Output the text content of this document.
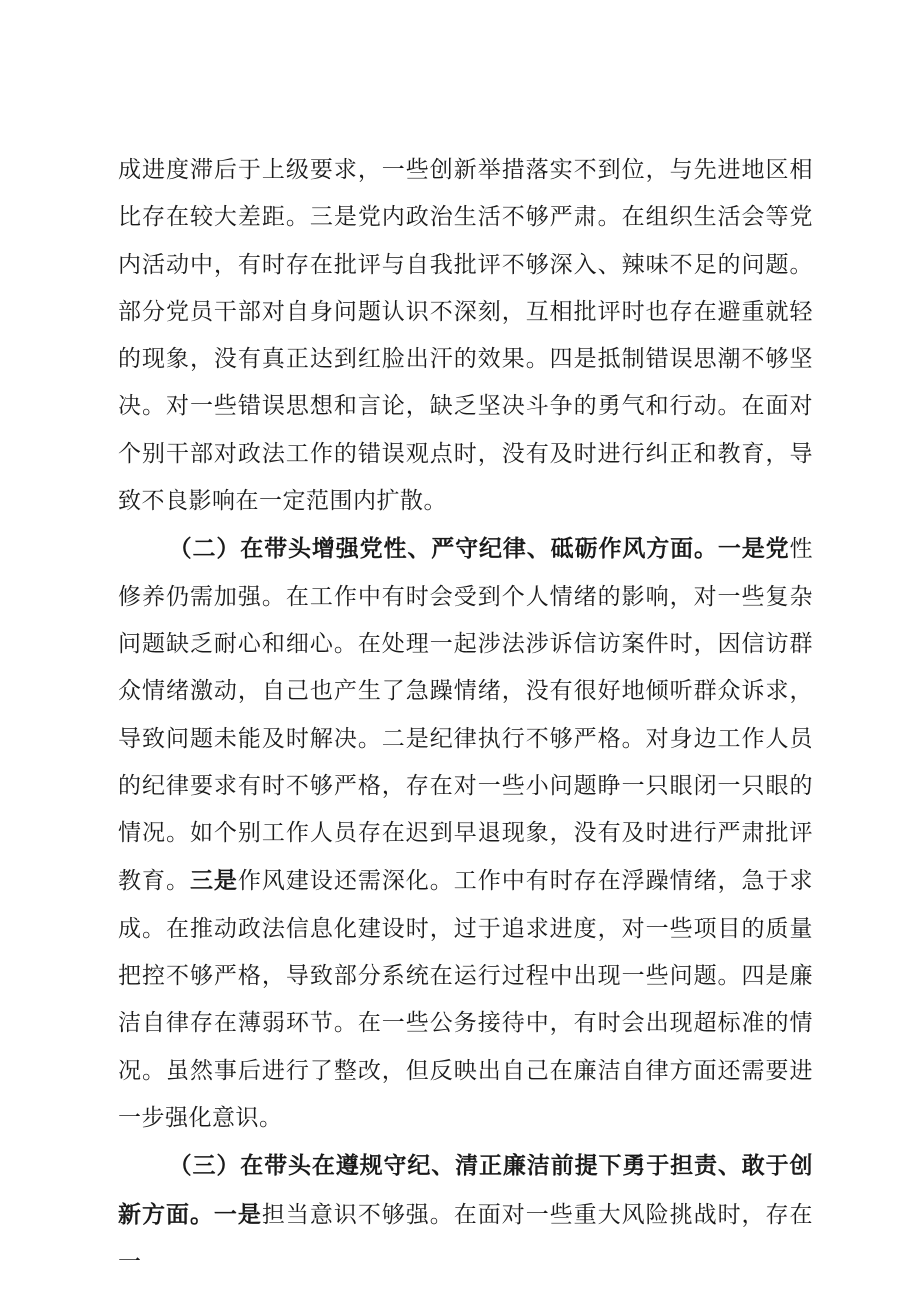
成进度滞后于上级要求，一些创新举措落实不到位，与先进地区相比存在较大差距。三是党内政治生活不够严肃。在组织生活会等党内活动中，有时存在批评与自我批评不够深入、辣味不足的问题。部分党员干部对自身问题认识不深刻，互相批评时也存在避重就轻的现象，没有真正达到红脸出汗的效果。四是抵制错误思潮不够坚决。对一些错误思想和言论，缺乏坚决斗争的勇气和行动。在面对个别干部对政法工作的错误观点时，没有及时进行纠正和教育，导致不良影响在一定范围内扩散。

（二）在带头增强党性、严守纪律、砥砺作风方面。一是党性修养仍需加强。在工作中有时会受到个人情绪的影响，对一些复杂问题缺乏耐心和细心。在处理一起涉法涉诉信访案件时，因信访群众情绪激动，自己也产生了急躁情绪，没有很好地倾听群众诉求，导致问题未能及时解决。二是纪律执行不够严格。对身边工作人员的纪律要求有时不够严格，存在对一些小问题睁一只眼闭一只眼的情况。如个别工作人员存在迟到早退现象，没有及时进行严肃批评教育。三是作风建设还需深化。工作中有时存在浮躁情绪，急于求成。在推动政法信息化建设时，过于追求进度，对一些项目的质量把控不够严格，导致部分系统在运行过程中出现一些问题。四是廉洁自律存在薄弱环节。在一些公务接待中，有时会出现超标准的情况。虽然事后进行了整改，但反映出自己在廉洁自律方面还需要进一步强化意识。

（三）在带头在遵规守纪、清正廉洁前提下勇于担责、敢于创新方面。一是担当意识不够强。在面对一些重大风险挑战时，存在一
